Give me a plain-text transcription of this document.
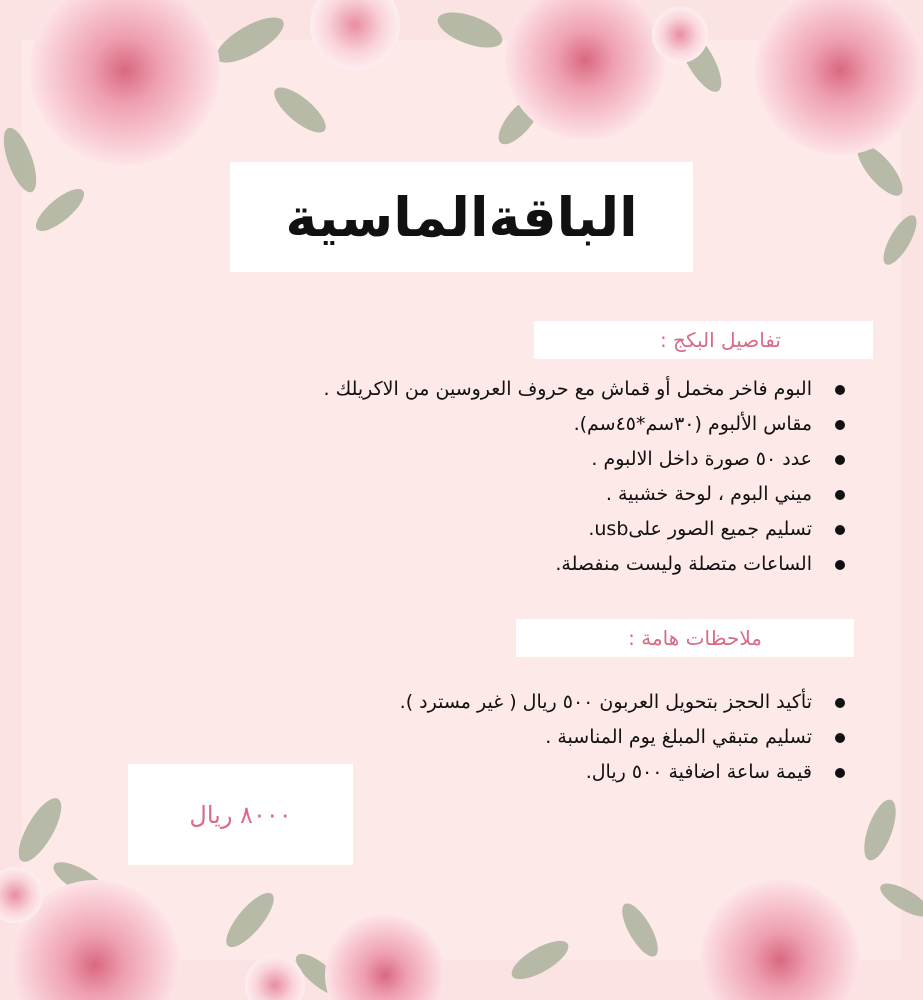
الباقةالماسية
تفاصيل البكج :
البوم فاخر مخمل أو قماش مع حروف العروسين من الاكريلك .
مقاس الألبوم (٣٠سم*٤٥سم).
عدد ٥٠ صورة داخل الالبوم .
ميني البوم ، لوحة خشبية .
تسليم جميع الصور علىusb.
الساعات متصلة وليست منفصلة.
ملاحظات هامة :
تأكيد الحجز بتحويل العربون ٥٠٠ ريال ( غير مسترد ).
تسليم متبقي المبلغ يوم المناسبة .
قيمة ساعة اضافية ٥٠٠ ريال.
٨٠٠٠ ريال
